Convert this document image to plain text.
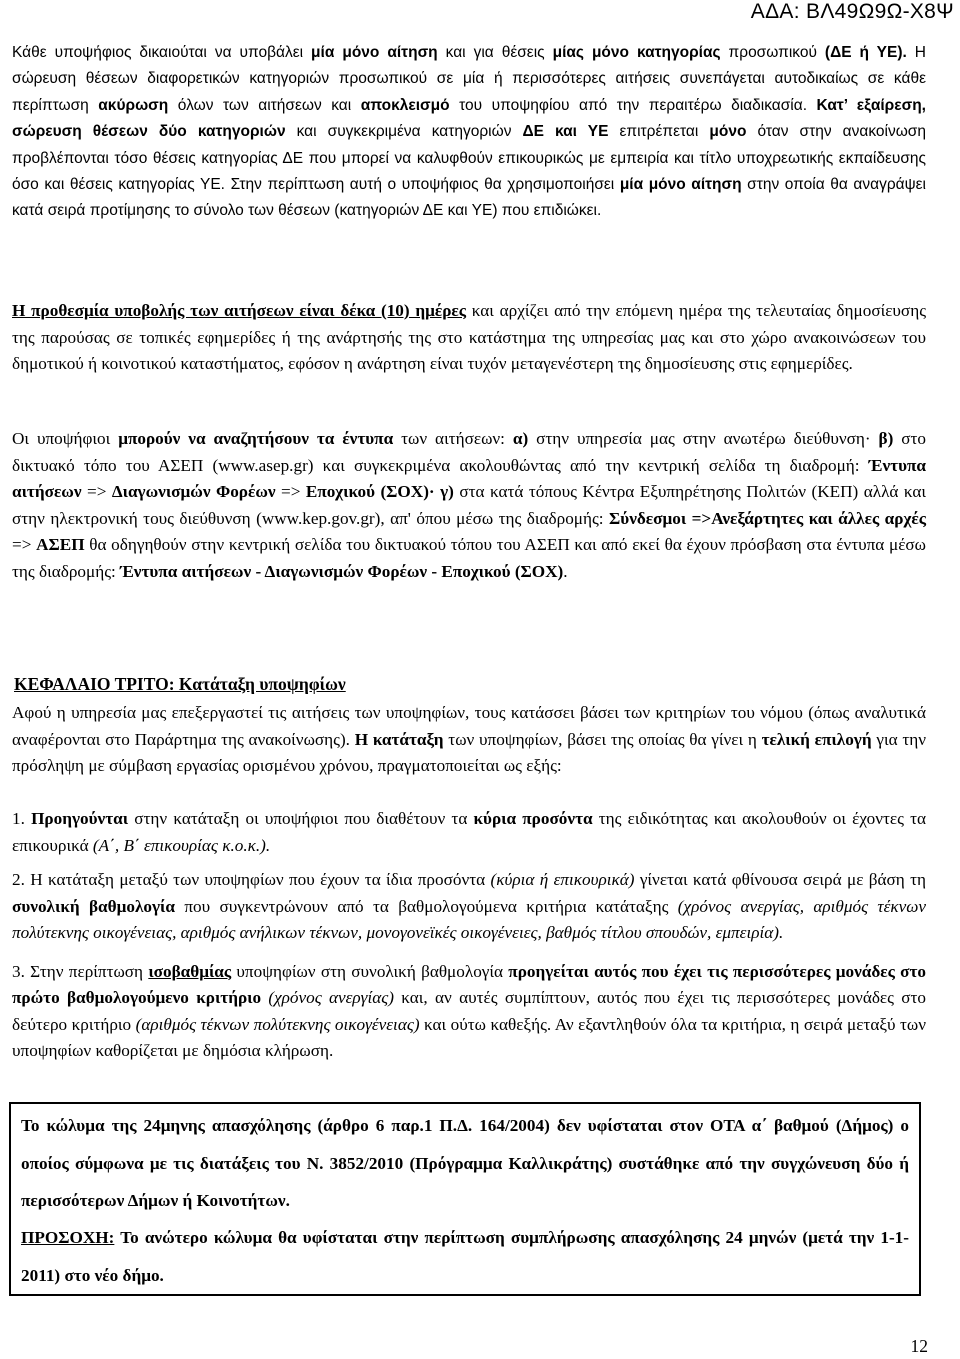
ΑΔΑ: ΒΛ49Ω9Ω-Χ8Ψ
Κάθε υποψήφιος δικαιούται να υποβάλει μία μόνο αίτηση και για θέσεις μίας μόνο κατηγορίας προσωπικού (ΔΕ ή ΥΕ). Η σώρευση θέσεων διαφορετικών κατηγοριών προσωπικού σε μία ή περισσότερες αιτήσεις συνεπάγεται αυτοδικαίως σε κάθε περίπτωση ακύρωση όλων των αιτήσεων και αποκλεισμό του υποψηφίου από την περαιτέρω διαδικασία. Κατ’ εξαίρεση, σώρευση θέσεων δύο κατηγοριών και συγκεκριμένα κατηγοριών ΔΕ και ΥΕ επιτρέπεται μόνο όταν στην ανακοίνωση προβλέπονται τόσο θέσεις κατηγορίας ΔΕ που μπορεί να καλυφθούν επικουρικώς με εμπειρία και τίτλο υποχρεωτικής εκπαίδευσης όσο και θέσεις κατηγορίας ΥΕ. Στην περίπτωση αυτή ο υποψήφιος θα χρησιμοποιήσει μία μόνο αίτηση στην οποία θα αναγράψει κατά σειρά προτίμησης το σύνολο των θέσεων (κατηγοριών ΔΕ και ΥΕ) που επιδιώκει.
Η προθεσμία υποβολής των αιτήσεων είναι δέκα (10) ημέρες και αρχίζει από την επόμενη ημέρα της τελευταίας δημοσίευσης της παρούσας σε τοπικές εφημερίδες ή της ανάρτησής της στο κατάστημα της υπηρεσίας μας και στο χώρο ανακοινώσεων του δημοτικού ή κοινοτικού καταστήματος, εφόσον η ανάρτηση είναι τυχόν μεταγενέστερη της δημοσίευσης στις εφημερίδες.
Οι υποψήφιοι μπορούν να αναζητήσουν τα έντυπα των αιτήσεων: α) στην υπηρεσία μας στην ανωτέρω διεύθυνση· β) στο δικτυακό τόπο του ΑΣΕΠ (www.asep.gr) και συγκεκριμένα ακολουθώντας από την κεντρική σελίδα τη διαδρομή: Έντυπα αιτήσεων => Διαγωνισμών Φορέων => Εποχικού (ΣΟΧ)· γ) στα κατά τόπους Κέντρα Εξυπηρέτησης Πολιτών (ΚΕΠ) αλλά και στην ηλεκτρονική τους διεύθυνση (www.kep.gov.gr), απ' όπου μέσω της διαδρομής: Σύνδεσμοι =>Ανεξάρτητες και άλλες αρχές => ΑΣΕΠ θα οδηγηθούν στην κεντρική σελίδα του δικτυακού τόπου του ΑΣΕΠ και από εκεί θα έχουν πρόσβαση στα έντυπα μέσω της διαδρομής: Έντυπα αιτήσεων - Διαγωνισμών Φορέων - Εποχικού (ΣΟΧ).
ΚΕΦΑΛΑΙΟ ΤΡΙΤΟ: Κατάταξη υποψηφίων
Αφού η υπηρεσία μας επεξεργαστεί τις αιτήσεις των υποψηφίων, τους κατάσσει βάσει των κριτηρίων του νόμου (όπως αναλυτικά αναφέρονται στο Παράρτημα της ανακοίνωσης). Η κατάταξη των υποψηφίων, βάσει της οποίας θα γίνει η τελική επιλογή για την πρόσληψη με σύμβαση εργασίας ορισμένου χρόνου, πραγματοποιείται ως εξής:

1. Προηγούνται στην κατάταξη οι υποψήφιοι που διαθέτουν τα κύρια προσόντα της ειδικότητας και ακολουθούν οι έχοντες τα επικουρικά (Α΄, Β΄ επικουρίας κ.ο.κ.).

2. Η κατάταξη μεταξύ των υποψηφίων που έχουν τα ίδια προσόντα (κύρια ή επικουρικά) γίνεται κατά φθίνουσα σειρά με βάση τη συνολική βαθμολογία που συγκεντρώνουν από τα βαθμολογούμενα κριτήρια κατάταξης (χρόνος ανεργίας, αριθμός τέκνων πολύτεκνης οικογένειας, αριθμός ανήλικων τέκνων, μονογονεϊκές οικογένειες, βαθμός τίτλου σπουδών, εμπειρία).

3. Στην περίπτωση ισοβαθμίας υποψηφίων στη συνολική βαθμολογία προηγείται αυτός που έχει τις περισσότερες μονάδες στο πρώτο βαθμολογούμενο κριτήριο (χρόνος ανεργίας) και, αν αυτές συμπίπτουν, αυτός που έχει τις περισσότερες μονάδες στο δεύτερο κριτήριο (αριθμός τέκνων πολύτεκνης οικογένειας) και ούτω καθεξής. Αν εξαντληθούν όλα τα κριτήρια, η σειρά μεταξύ των υποψηφίων καθορίζεται με δημόσια κλήρωση.

Το κώλυμα της 24μηνης απασχόλησης (άρθρο 6 παρ.1 Π.Δ. 164/2004) δεν υφίσταται στον ΟΤΑ α΄ βαθμού (Δήμος) ο οποίος σύμφωνα με τις διατάξεις του Ν. 3852/2010 (Πρόγραμμα Καλλικράτης) συστάθηκε από την συγχώνευση δύο ή περισσότερων Δήμων ή Κοινοτήτων.
ΠΡΟΣΟΧΗ: Το ανώτερο κώλυμα θα υφίσταται στην περίπτωση συμπλήρωσης απασχόλησης 24 μηνών (μετά την 1-1-2011) στο νέο δήμο.
12
